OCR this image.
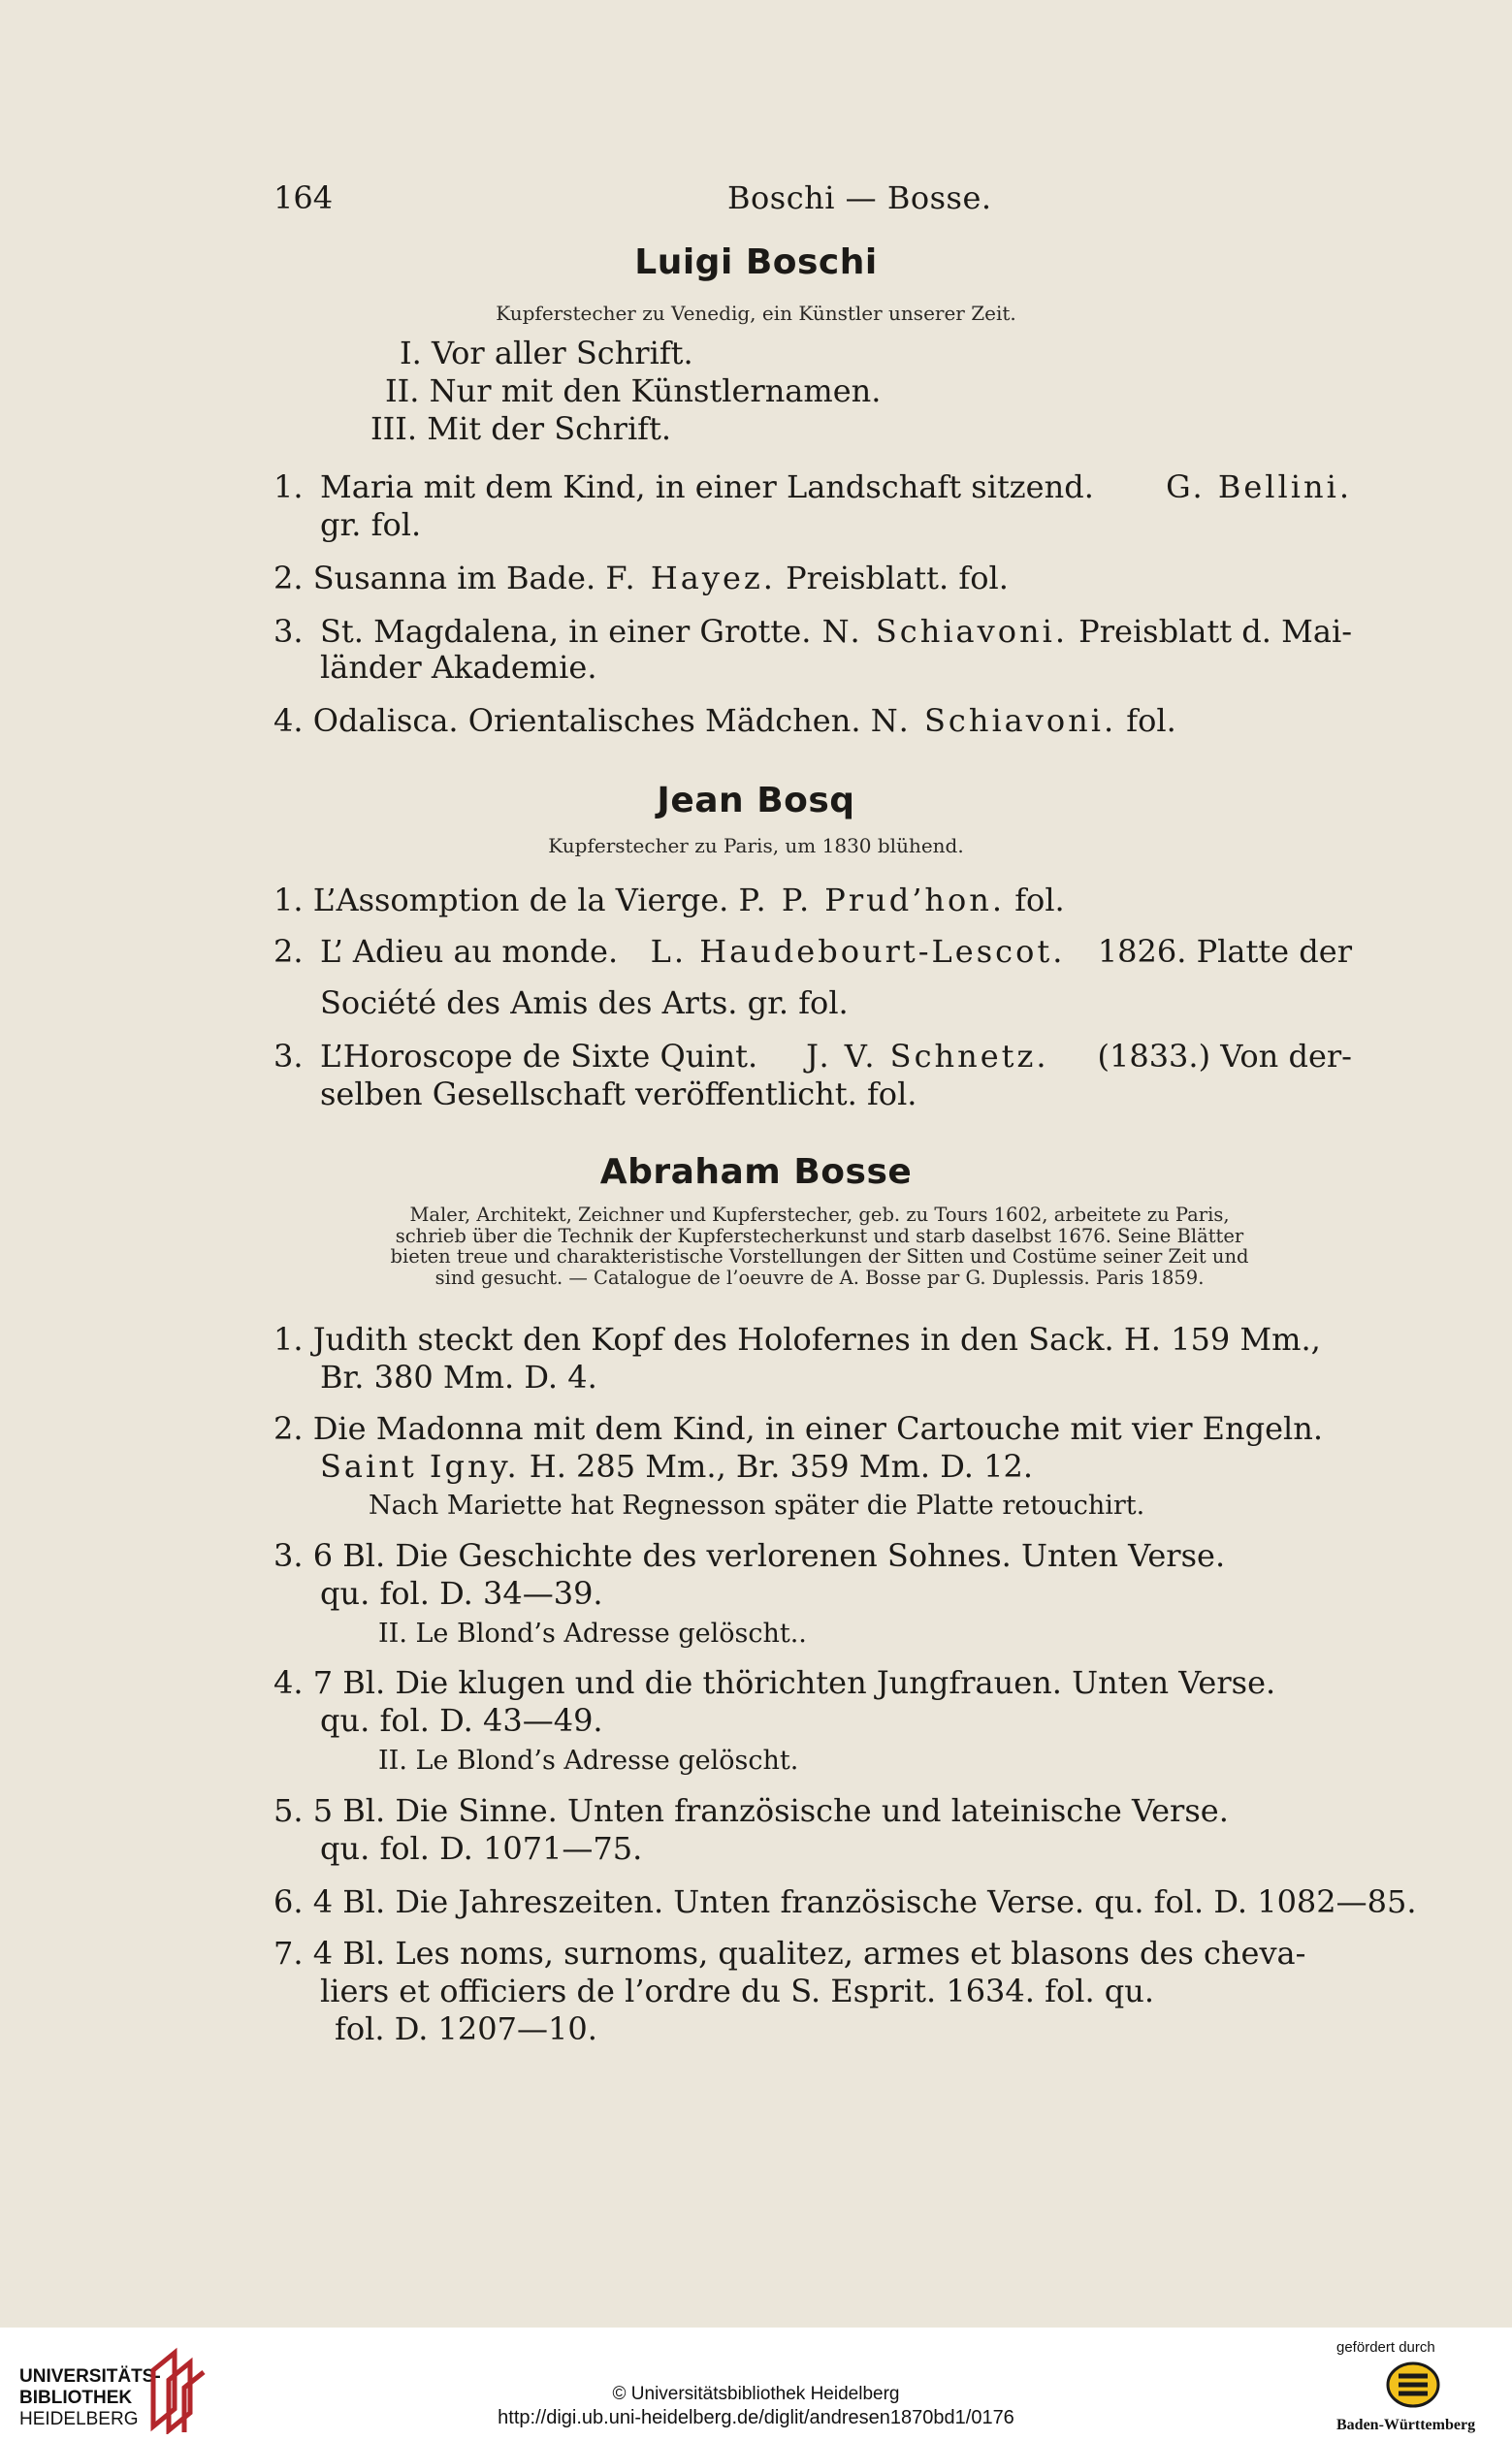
164	Boschi — Bosse.
Luigi Boschi
Kupferstecher zu Venedig, ein Künstler unserer Zeit.
I. Vor aller Schrift.
II. Nur mit den Künstlernamen.
III. Mit der Schrift.
1. Maria mit dem Kind, in einer Landschaft sitzend. G. Bellini.
gr. fol.
2. Susanna im Bade. F. Hayez. Preisblatt. fol.
3. St. Magdalena, in einer Grotte. N. Schiavoni. Preisblatt d. Mai-
länder Akademie.
4. Odalisca. Orientalisches Mädchen. N. Schiavoni. fol.
Jean Bosq
Kupferstecher zu Paris, um 1830 blühend.
1. L’Assomption de la Vierge. P. P. Prud’hon. fol.
2. L’ Adieu au monde. L. Haudebourt-Lescot. 1826. Platte der
Société des Amis des Arts. gr. fol.
3. L’Horoscope de Sixte Quint. J. V. Schnetz. (1833.) Von der-
selben Gesellschaft veröffentlicht. fol.
Abraham Bosse
Maler, Architekt, Zeichner und Kupferstecher, geb. zu Tours 1602, arbeitete zu Paris,
schrieb über die Technik der Kupferstecherkunst und starb daselbst 1676. Seine Blätter
bieten treue und charakteristische Vorstellungen der Sitten und Costüme seiner Zeit und
sind gesucht. — Catalogue de l’oeuvre de A. Bosse par G. Duplessis. Paris 1859.
1. Judith steckt den Kopf des Holofernes in den Sack. H. 159 Mm.,
Br. 380 Mm. D. 4.
2. Die Madonna mit dem Kind, in einer Cartouche mit vier Engeln.
Saint Igny. H. 285 Mm., Br. 359 Mm. D. 12.
Nach Mariette hat Regnesson später die Platte retouchirt.
3. 6 Bl. Die Geschichte des verlorenen Sohnes. Unten Verse.
qu. fol. D. 34—39.
II. Le Blond’s Adresse gelöscht..
4. 7 Bl. Die klugen und die thörichten Jungfrauen. Unten Verse.
qu. fol. D. 43—49.
II. Le Blond’s Adresse gelöscht.
5. 5 Bl. Die Sinne. Unten französische und lateinische Verse.
qu. fol. D. 1071—75.
6. 4 Bl. Die Jahreszeiten. Unten französische Verse. qu. fol. D. 1082—85.
7. 4 Bl. Les noms, surnoms, qualitez, armes et blasons des cheva-
liers et officiers de l’ordre du S. Esprit. 1634. fol. qu.
fol. D. 1207—10.
UNIVERSITÄTS-
BIBLIOTHEK
HEIDELBERG
© Universitätsbibliothek Heidelberg
http://digi.ub.uni-heidelberg.de/diglit/andresen1870bd1/0176
gefördert durch
Baden-Württemberg
